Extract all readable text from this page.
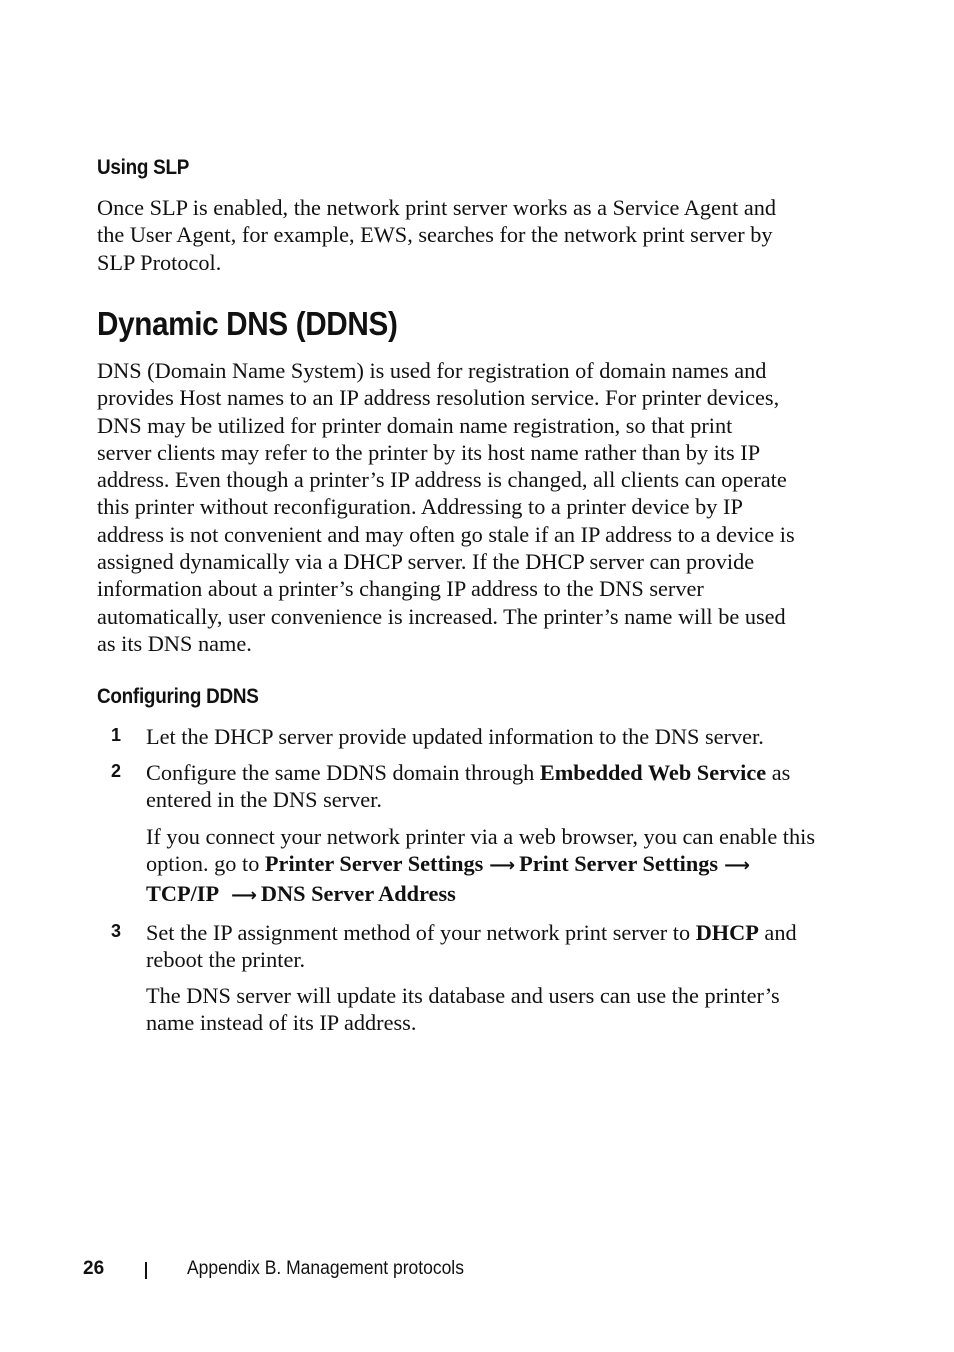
Using SLP
Once SLP is enabled, the network print server works as a Service Agent and
the User Agent, for example, EWS, searches for the network print server by
SLP Protocol.
Dynamic DNS (DDNS)
DNS (Domain Name System) is used for registration of domain names and
provides Host names to an IP address resolution service. For printer devices,
DNS may be utilized for printer domain name registration, so that print
server clients may refer to the printer by its host name rather than by its IP
address. Even though a printer’s IP address is changed, all clients can operate
this printer without reconfiguration. Addressing to a printer device by IP
address is not convenient and may often go stale if an IP address to a device is
assigned dynamically via a DHCP server. If the DHCP server can provide
information about a printer’s changing IP address to the DNS server
automatically, user convenience is increased. The printer’s name will be used
as its DNS name.
Configuring DDNS
1 Let the DHCP server provide updated information to the DNS server.
2 Configure the same DDNS domain through Embedded Web Service as
entered in the DNS server.
If you connect your network printer via a web browser, you can enable this
option. go to Printer Server Settings ⟶ Print Server Settings ⟶
TCP/IP ⟶ DNS Server Address
3 Set the IP assignment method of your network print server to DHCP and
reboot the printer.
The DNS server will update its database and users can use the printer’s
name instead of its IP address.
26	Appendix B. Management protocols
